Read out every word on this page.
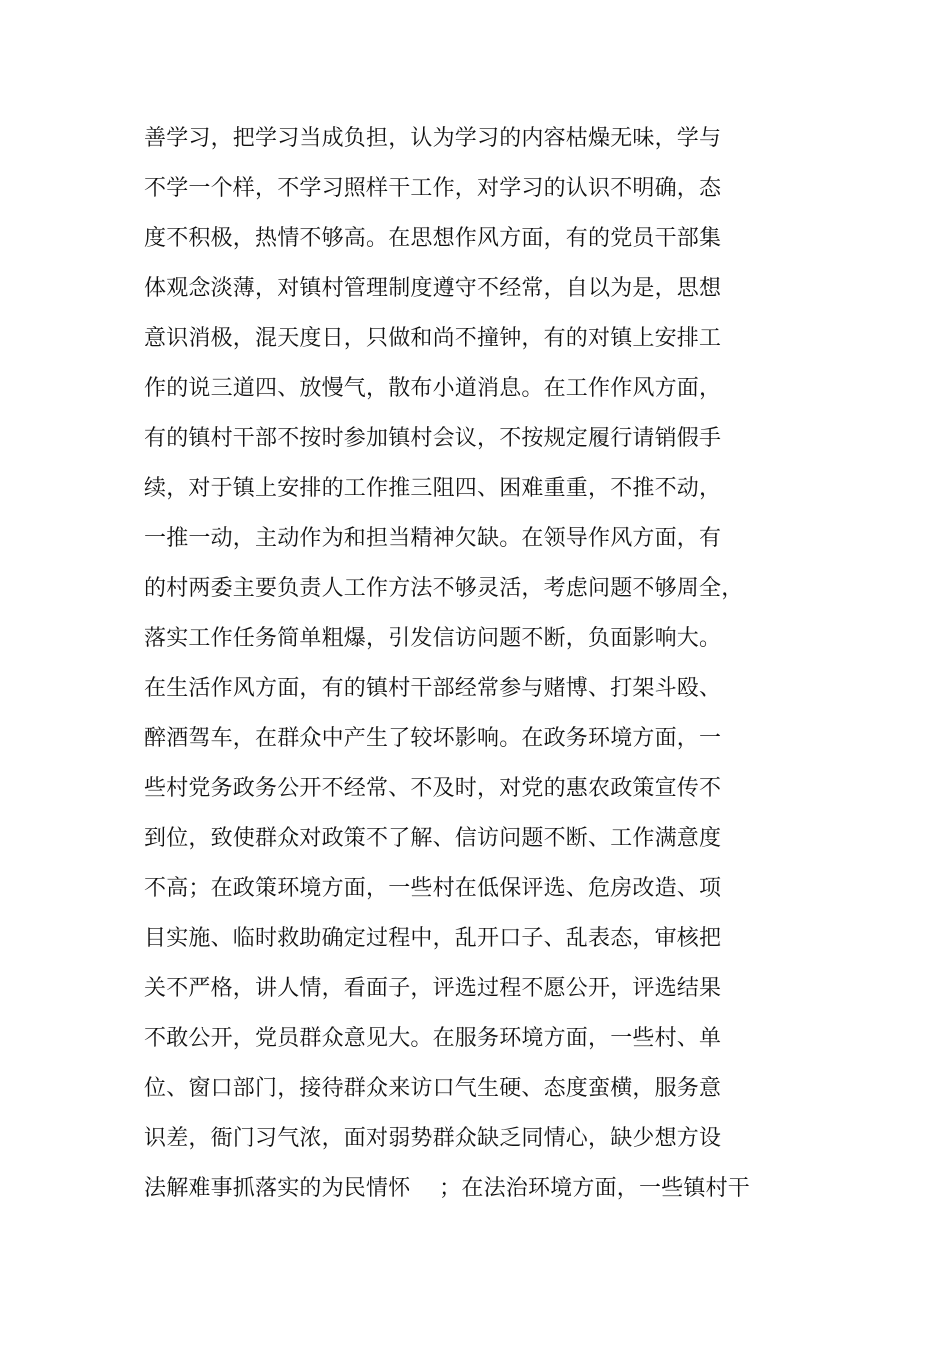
善学习，把学习当成负担，认为学习的内容枯燥无味，学与
不学一个样，不学习照样干工作，对学习的认识不明确，态
度不积极，热情不够高。在思想作风方面，有的党员干部集
体观念淡薄，对镇村管理制度遵守不经常，自以为是，思想
意识消极，混天度日，只做和尚不撞钟，有的对镇上安排工
作的说三道四、放慢气，散布小道消息。在工作作风方面，
有的镇村干部不按时参加镇村会议，不按规定履行请销假手
续，对于镇上安排的工作推三阻四、困难重重，不推不动，
一推一动，主动作为和担当精神欠缺。在领导作风方面，有
的村两委主要负责人工作方法不够灵活，考虑问题不够周全，
落实工作任务简单粗爆，引发信访问题不断，负面影响大。
在生活作风方面，有的镇村干部经常参与赌博、打架斗殴、
醉酒驾车，在群众中产生了较坏影响。在政务环境方面，一
些村党务政务公开不经常、不及时，对党的惠农政策宣传不
到位，致使群众对政策不了解、信访问题不断、工作满意度
不高；在政策环境方面，一些村在低保评选、危房改造、项
目实施、临时救助确定过程中，乱开口子、乱表态，审核把
关不严格，讲人情，看面子，评选过程不愿公开，评选结果
不敢公开，党员群众意见大。在服务环境方面，一些村、单
位、窗口部门，接待群众来访口气生硬、态度蛮横，服务意
识差，衙门习气浓，面对弱势群众缺乏同情心，缺少想方设
法解难事抓落实的为民情怀    ；在法治环境方面，一些镇村干
